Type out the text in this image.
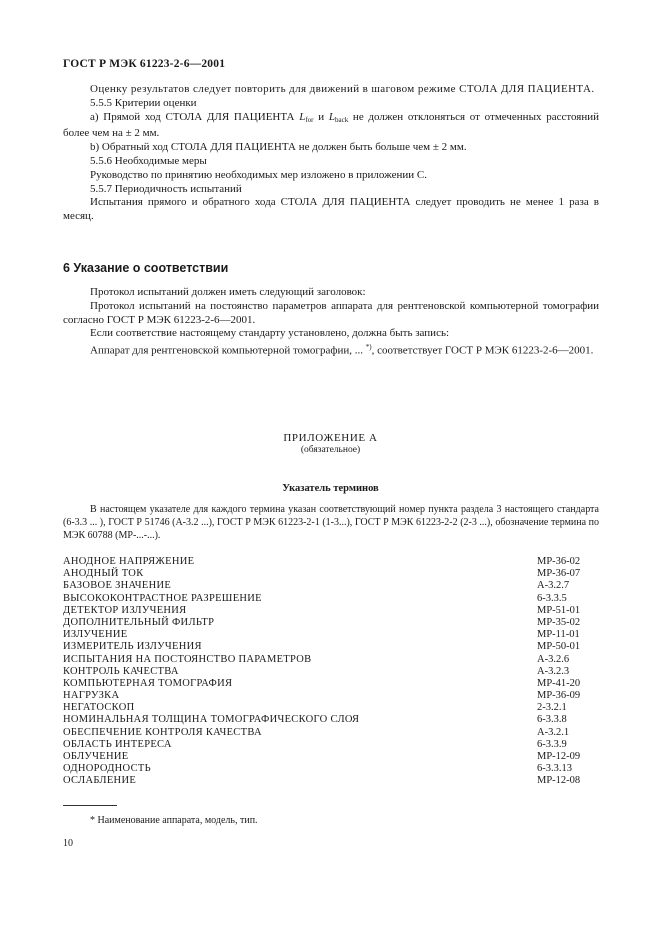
ГОСТ Р МЭК 61223-2-6—2001

Оценку результатов следует повторить для движений в шаговом режиме СТОЛА ДЛЯ ПАЦИЕНТА.

5.5.5 Критерии оценки

a) Прямой ход СТОЛА ДЛЯ ПАЦИЕНТА $L_{for}$ и $L_{back}$ не должен отклоняться от отмеченных расстояний более чем на ± 2 мм.

b) Обратный ход СТОЛА ДЛЯ ПАЦИЕНТА не должен быть больше чем ± 2 мм.

5.5.6 Необходимые меры

Руководство по принятию необходимых мер изложено в приложении С.

5.5.7 Периодичность испытаний

Испытания прямого и обратного хода СТОЛА ДЛЯ ПАЦИЕНТА следует проводить не менее 1 раза в месяц.

6 Указание о соответствии

Протокол испытаний должен иметь следующий заголовок:

Протокол испытаний на постоянство параметров аппарата для рентгеновской компьютерной томографии согласно ГОСТ Р МЭК 61223-2-6—2001.

Если соответствие настоящему стандарту установлено, должна быть запись:

Аппарат для рентгеновской компьютерной томографии, ... *), соответствует ГОСТ Р МЭК 61223-2-6—2001.

ПРИЛОЖЕНИЕ А
(обязательное)
Указатель терминов

В настоящем указателе для каждого термина указан соответствующий номер пункта раздела 3 настоящего стандарта (6-3.3 ... ), ГОСТ Р 51746 (А-3.2 ...), ГОСТ Р МЭК 61223-2-1 (1-3...), ГОСТ Р МЭК 61223-2-2 (2-3 ...), обозначение термина по МЭК 60788 (MP-...-...).

АНОДНОЕ НАПРЯЖЕНИЕ	MP-36-02
АНОДНЫЙ ТОК	MP-36-07
БАЗОВОЕ ЗНАЧЕНИЕ	А-3.2.7
ВЫСОКОКОНТРАСТНОЕ РАЗРЕШЕНИЕ	6-3.3.5
ДЕТЕКТОР ИЗЛУЧЕНИЯ	MP-51-01
ДОПОЛНИТЕЛЬНЫЙ ФИЛЬТР	MP-35-02
ИЗЛУЧЕНИЕ	MP-11-01
ИЗМЕРИТЕЛЬ ИЗЛУЧЕНИЯ	MP-50-01
ИСПЫТАНИЯ НА ПОСТОЯНСТВО ПАРАМЕТРОВ	А-3.2.6
КОНТРОЛЬ КАЧЕСТВА	А-3.2.3
КОМПЬЮТЕРНАЯ ТОМОГРАФИЯ	MP-41-20
НАГРУЗКА	MP-36-09
НЕГАТОСКОП	2-3.2.1
НОМИНАЛЬНАЯ ТОЛЩИНА ТОМОГРАФИЧЕСКОГО СЛОЯ	6-3.3.8
ОБЕСПЕЧЕНИЕ КОНТРОЛЯ КАЧЕСТВА	А-3.2.1
ОБЛАСТЬ ИНТЕРЕСА	6-3.3.9
ОБЛУЧЕНИЕ	MP-12-09
ОДНОРОДНОСТЬ	6-3.3.13
ОСЛАБЛЕНИЕ	MP-12-08
* Наименование аппарата, модель, тип.
10
